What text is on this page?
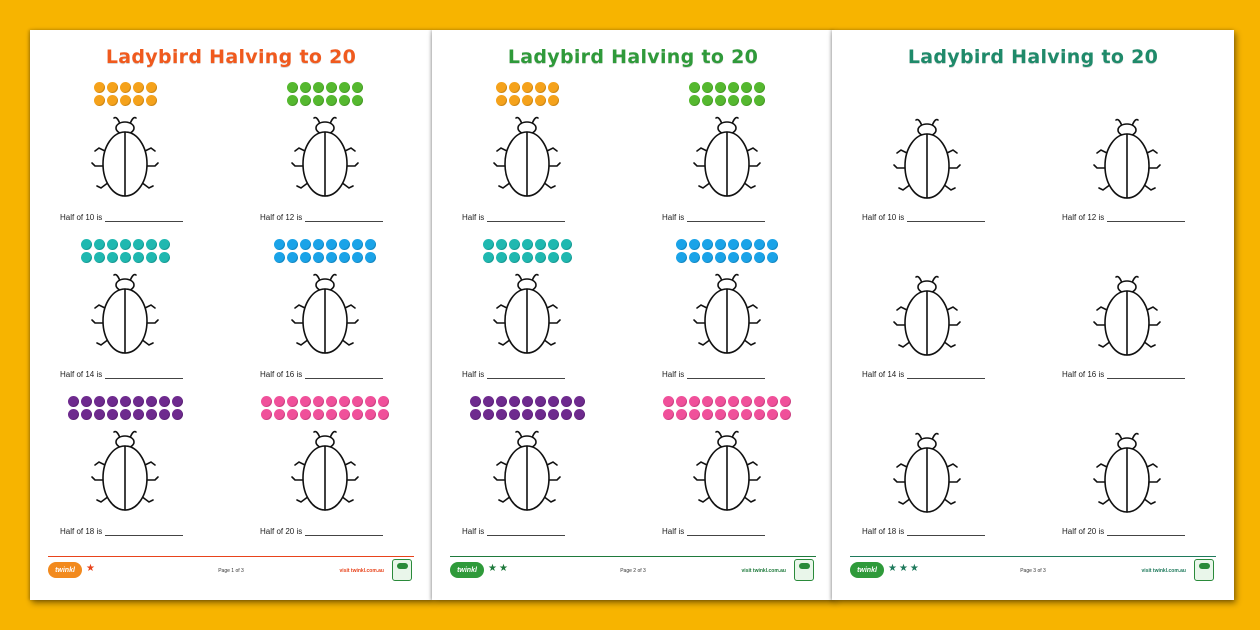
Ladybird Halving to 20
Half of 10 is	Half of 12 is
Half of 14 is	Half of 16 is
Half of 18 is	Half of 20 is
twinkl	★	Page 1 of 3	visit twinkl.com.au
Ladybird Halving to 20
Half is	Half is
Half is	Half is
Half is	Half is
twinkl	★★	Page 2 of 3	visit twinkl.com.au
Ladybird Halving to 20
Half of 10 is	Half of 12 is
Half of 14 is	Half of 16 is
Half of 18 is	Half of 20 is
twinkl	★★★	Page 3 of 3	visit twinkl.com.au
